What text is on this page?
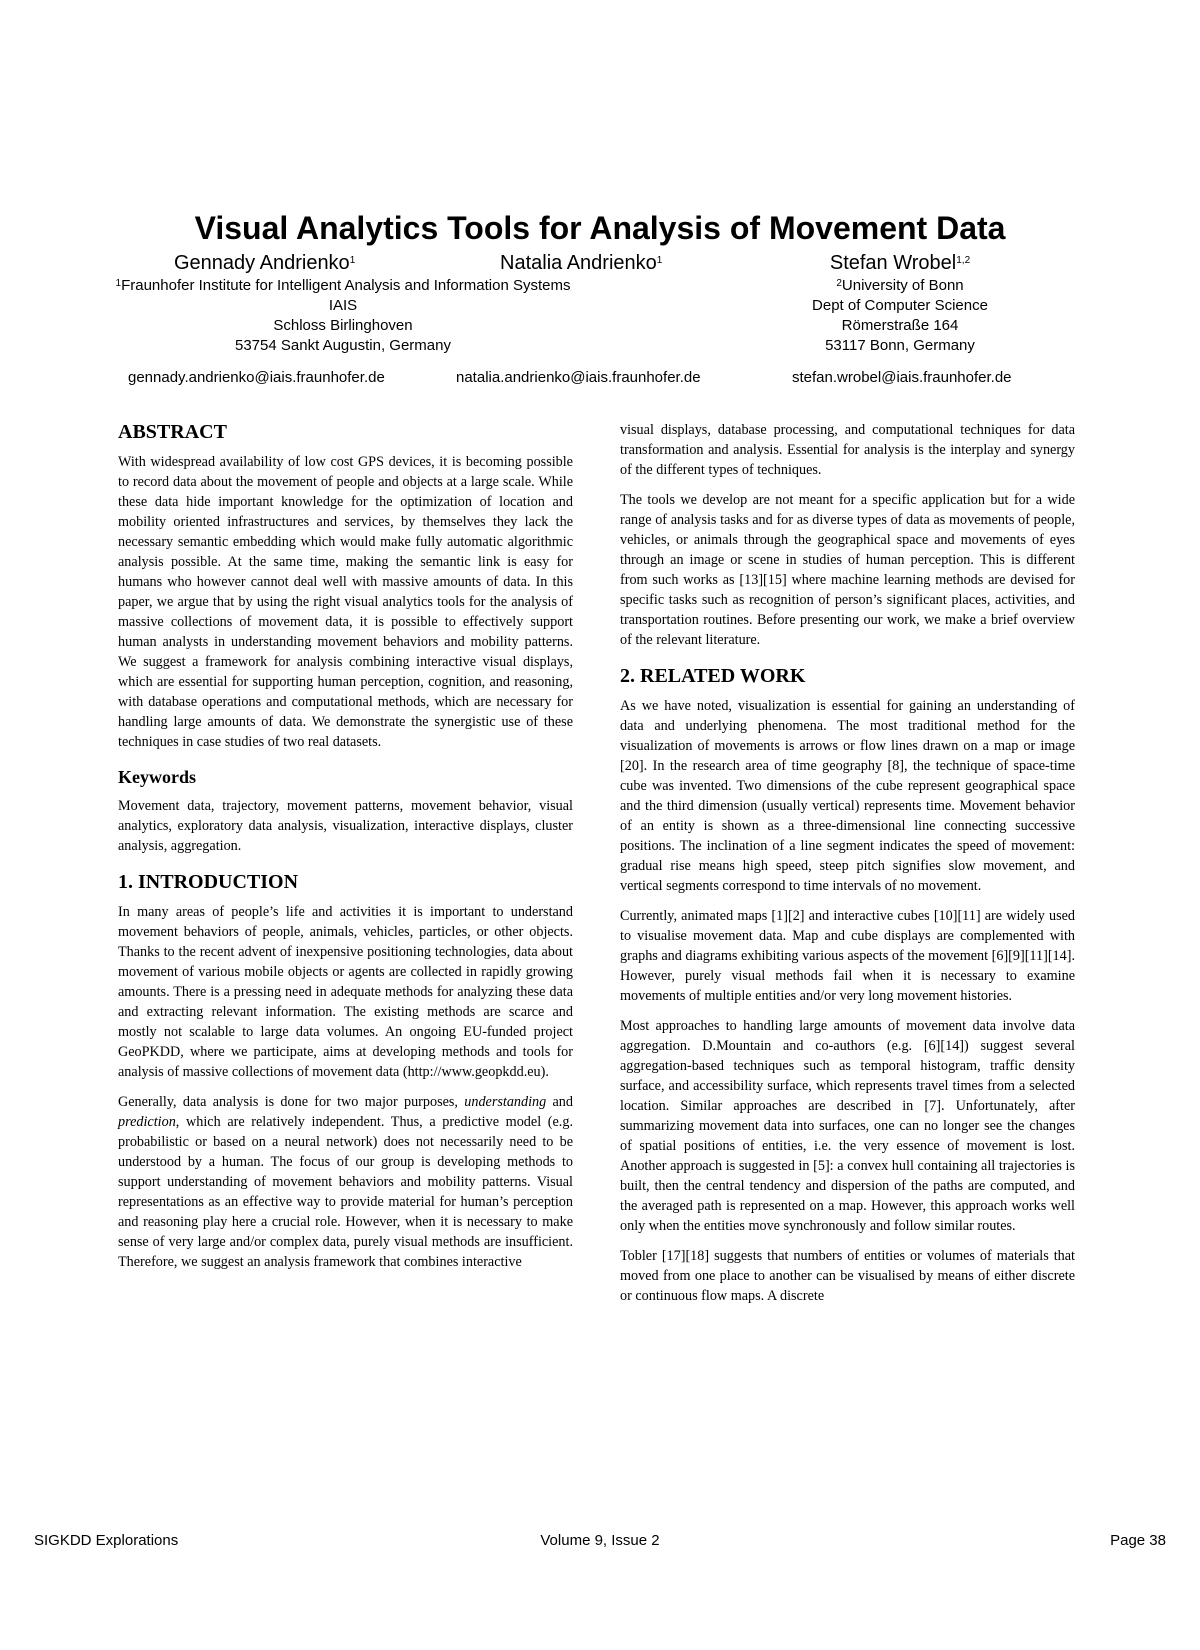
Visual Analytics Tools for Analysis of Movement Data
Gennady Andrienko$^1$
$^1$Fraunhofer Institute for Intelligent Analysis and Information Systems IAIS
Schloss Birlinghoven
53754 Sankt Augustin, Germany
Natalia Andrienko$^1$	Stefan Wrobel$^{1,2}$
$^2$University of Bonn
Dept of Computer Science
Römerstraße 164
53117 Bonn, Germany
gennady.andrienko@iais.fraunhofer.de	natalia.andrienko@iais.fraunhofer.de	stefan.wrobel@iais.fraunhofer.de
ABSTRACT

With widespread availability of low cost GPS devices, it is becoming possible to record data about the movement of people and objects at a large scale. While these data hide important knowledge for the optimization of location and mobility oriented infrastructures and services, by themselves they lack the necessary semantic embedding which would make fully automatic algorithmic analysis possible. At the same time, making the semantic link is easy for humans who however cannot deal well with massive amounts of data. In this paper, we argue that by using the right visual analytics tools for the analysis of massive collections of movement data, it is possible to effectively support human analysts in understanding movement behaviors and mobility patterns. We suggest a framework for analysis combining interactive visual displays, which are essential for supporting human perception, cognition, and reasoning, with database operations and computational methods, which are necessary for handling large amounts of data. We demonstrate the synergistic use of these techniques in case studies of two real datasets.

Keywords

Movement data, trajectory, movement patterns, movement behavior, visual analytics, exploratory data analysis, visualization, interactive displays, cluster analysis, aggregation.

1. INTRODUCTION

In many areas of people’s life and activities it is important to understand movement behaviors of people, animals, vehicles, particles, or other objects. Thanks to the recent advent of inexpensive positioning technologies, data about movement of various mobile objects or agents are collected in rapidly growing amounts. There is a pressing need in adequate methods for analyzing these data and extracting relevant information. The existing methods are scarce and mostly not scalable to large data volumes. An ongoing EU-funded project GeoPKDD, where we participate, aims at developing methods and tools for analysis of massive collections of movement data (http://www.geopkdd.eu).

Generally, data analysis is done for two major purposes, understanding and prediction, which are relatively independent. Thus, a predictive model (e.g. probabilistic or based on a neural network) does not necessarily need to be understood by a human. The focus of our group is developing methods to support understanding of movement behaviors and mobility patterns. Visual representations as an effective way to provide material for human’s perception and reasoning play here a crucial role. However, when it is necessary to make sense of very large and/or complex data, purely visual methods are insufficient. Therefore, we suggest an analysis framework that combines interactive

visual displays, database processing, and computational techniques for data transformation and analysis. Essential for analysis is the interplay and synergy of the different types of techniques.

The tools we develop are not meant for a specific application but for a wide range of analysis tasks and for as diverse types of data as movements of people, vehicles, or animals through the geographical space and movements of eyes through an image or scene in studies of human perception. This is different from such works as [13][15] where machine learning methods are devised for specific tasks such as recognition of person’s significant places, activities, and transportation routines. Before presenting our work, we make a brief overview of the relevant literature.

2. RELATED WORK

As we have noted, visualization is essential for gaining an understanding of data and underlying phenomena. The most traditional method for the visualization of movements is arrows or flow lines drawn on a map or image [20]. In the research area of time geography [8], the technique of space-time cube was invented. Two dimensions of the cube represent geographical space and the third dimension (usually vertical) represents time. Movement behavior of an entity is shown as a three-dimensional line connecting successive positions. The inclination of a line segment indicates the speed of movement: gradual rise means high speed, steep pitch signifies slow movement, and vertical segments correspond to time intervals of no movement.

Currently, animated maps [1][2] and interactive cubes [10][11] are widely used to visualise movement data. Map and cube displays are complemented with graphs and diagrams exhibiting various aspects of the movement [6][9][11][14]. However, purely visual methods fail when it is necessary to examine movements of multiple entities and/or very long movement histories.

Most approaches to handling large amounts of movement data involve data aggregation. D.Mountain and co-authors (e.g. [6][14]) suggest several aggregation-based techniques such as temporal histogram, traffic density surface, and accessibility surface, which represents travel times from a selected location. Similar approaches are described in [7]. Unfortunately, after summarizing movement data into surfaces, one can no longer see the changes of spatial positions of entities, i.e. the very essence of movement is lost. Another approach is suggested in [5]: a convex hull containing all trajectories is built, then the central tendency and dispersion of the paths are computed, and the averaged path is represented on a map. However, this approach works well only when the entities move synchronously and follow similar routes.

Tobler [17][18] suggests that numbers of entities or volumes of materials that moved from one place to another can be visualised by means of either discrete or continuous flow maps. A discrete

SIGKDD Explorations	Volume 9, Issue 2	Page 38
